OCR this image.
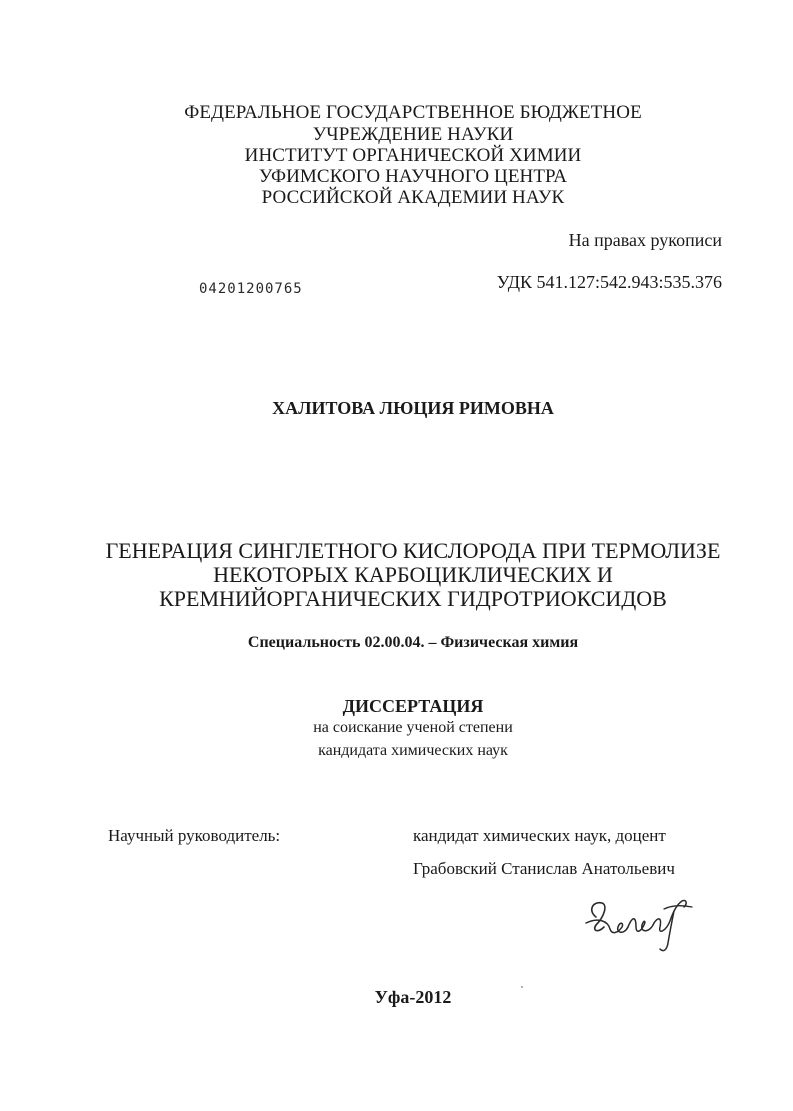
ФЕДЕРАЛЬНОЕ ГОСУДАРСТВЕННОЕ БЮДЖЕТНОЕ
УЧРЕЖДЕНИЕ НАУКИ
ИНСТИТУТ ОРГАНИЧЕСКОЙ ХИМИИ
УФИМСКОГО НАУЧНОГО ЦЕНТРА
РОССИЙСКОЙ АКАДЕМИИ НАУК
На правах рукописи
04201200765	УДК 541.127:542.943:535.376
ХАЛИТОВА ЛЮЦИЯ РИМОВНА
ГЕНЕРАЦИЯ СИНГЛЕТНОГО КИСЛОРОДА ПРИ ТЕРМОЛИЗЕ
НЕКОТОРЫХ КАРБОЦИКЛИЧЕСКИХ И
КРЕМНИЙОРГАНИЧЕСКИХ ГИДРОТРИОКСИДОВ
Специальность 02.00.04. – Физическая химия
ДИССЕРТАЦИЯ
на соискание ученой степени
кандидата химических наук
Научный руководитель:	кандидат химических наук, доцент
Грабовский Станислав Анатольевич
Уфа-2012
